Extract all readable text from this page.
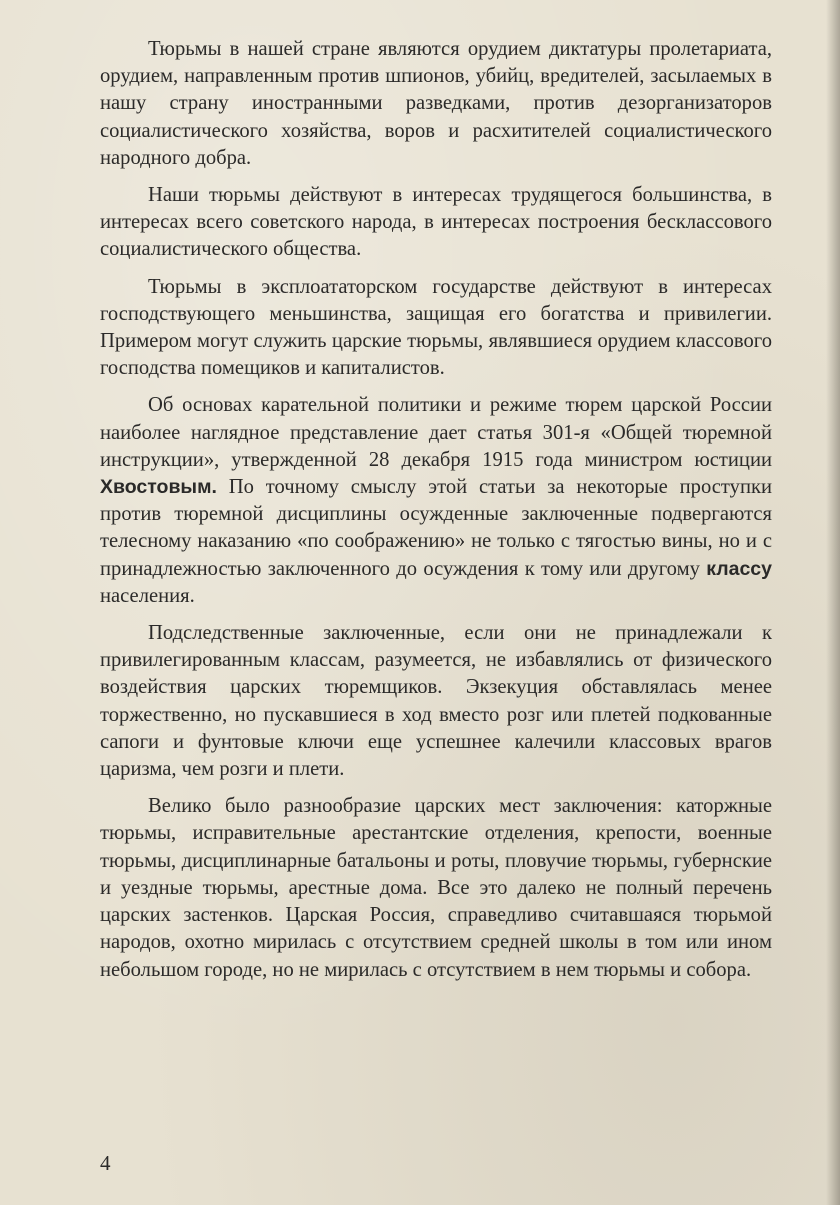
Тюрьмы в нашей стране являются орудием диктатуры пролетариата, орудием, направленным против шпионов, убийц, вредителей, засылаемых в нашу страну иностранными разведками, против дезорганизаторов социалистического хозяйства, воров и расхитителей социалистического народного добра.

Наши тюрьмы действуют в интересах трудящегося большинства, в интересах всего советского народа, в интересах построения бесклассового социалистического общества.

Тюрьмы в эксплоататорском государстве действуют в интересах господствующего меньшинства, защищая его богатства и привилегии. Примером могут служить царские тюрьмы, являвшиеся орудием классового господства помещиков и капиталистов.

Об основах карательной политики и режиме тюрем царской России наиболее наглядное представление дает статья 301-я «Общей тюремной инструкции», утвержденной 28 декабря 1915 года министром юстиции Хвостовым. По точному смыслу этой статьи за некоторые проступки против тюремной дисциплины осужденные заключенные подвергаются телесному наказанию «по соображению» не только с тягостью вины, но и с принадлежностью заключенного до осуждения к тому или другому классу населения.

Подследственные заключенные, если они не принадлежали к привилегированным классам, разумеется, не избавлялись от физического воздействия царских тюремщиков. Экзекуция обставлялась менее торжественно, но пускавшиеся в ход вместо розг или плетей подкованные сапоги и фунтовые ключи еще успешнее калечили классовых врагов царизма, чем розги и плети.

Велико было разнообразие царских мест заключения: каторжные тюрьмы, исправительные арестантские отделения, крепости, военные тюрьмы, дисциплинарные батальоны и роты, пловучие тюрьмы, губернские и уездные тюрьмы, арестные дома. Все это далеко не полный перечень царских застенков. Царская Россия, справедливо считавшаяся тюрьмой народов, охотно мирилась с отсутствием средней школы в том или ином небольшом городе, но не мирилась с отсутствием в нем тюрьмы и собора.

4
